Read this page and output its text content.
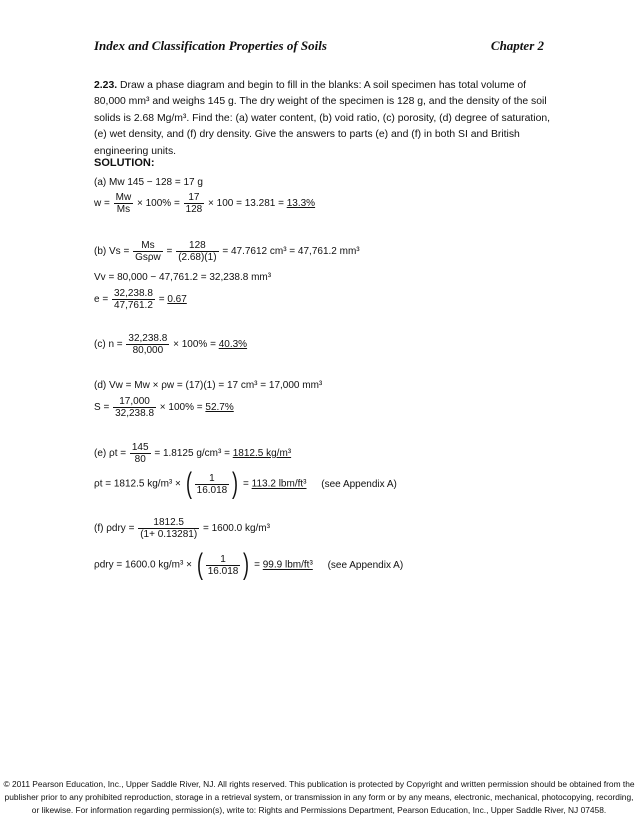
Index and Classification Properties of Soils	Chapter 2
2.23. Draw a phase diagram and begin to fill in the blanks: A soil specimen has total volume of 80,000 mm³ and weighs 145 g. The dry weight of the specimen is 128 g, and the density of the soil solids is 2.68 Mg/m³. Find the: (a) water content, (b) void ratio, (c) porosity, (d) degree of saturation, (e) wet density, and (f) dry density. Give the answers to parts (e) and (f) in both SI and British engineering units.
SOLUTION:
(a) Mw 145 − 128 = 17 g
$w = \frac{Mw}{Ms} \times 100\% = \frac{17}{128} \times 100 = 13.281 = 13.3\%$
(b) $Vs = \frac{Ms}{\text{Gsρw}} = \frac{128}{(2.68)(1)} = 47.7612$ cm³ = 47,761.2 mm³
Vv = 80,000 − 47,761.2 = 32,238.8 mm³
$e = \frac{32,238.8}{47,761.2} = 0.67$
(c) $n = \frac{32,238.8}{80,000} \times 100\% = 40.3\%$
(d) Vw = Mw × ρw = (17)(1) = 17 cm³ = 17,000 mm³
$S = \frac{17,000}{32,238.8} \times 100\% = 52.7\%$
(e) $\rho t = \frac{145}{80} = 1.8125$ g/cm³ = 1812.5 kg/m³
ρt = 1812.5 kg/m³ × ( $\frac{1}{16.018}$ ) = 113.2 lbm/ft³ (see Appendix A)
(f) $\rho dry = \frac{1812.5}{(1+ 0.13281)} = 1600.0$ kg/m³
ρdry = 1600.0 kg/m³ × ( $\frac{1}{16.018}$ ) = 99.9 lbm/ft³ (see Appendix A)
© 2011 Pearson Education, Inc., Upper Saddle River, NJ. All rights reserved. This publication is protected by Copyright and written permission should be obtained from the publisher prior to any prohibited reproduction, storage in a retrieval system, or transmission in any form or by any means, electronic, mechanical, photocopying, recording, or likewise. For information regarding permission(s), write to: Rights and Permissions Department, Pearson Education, Inc., Upper Saddle River, NJ 07458.
